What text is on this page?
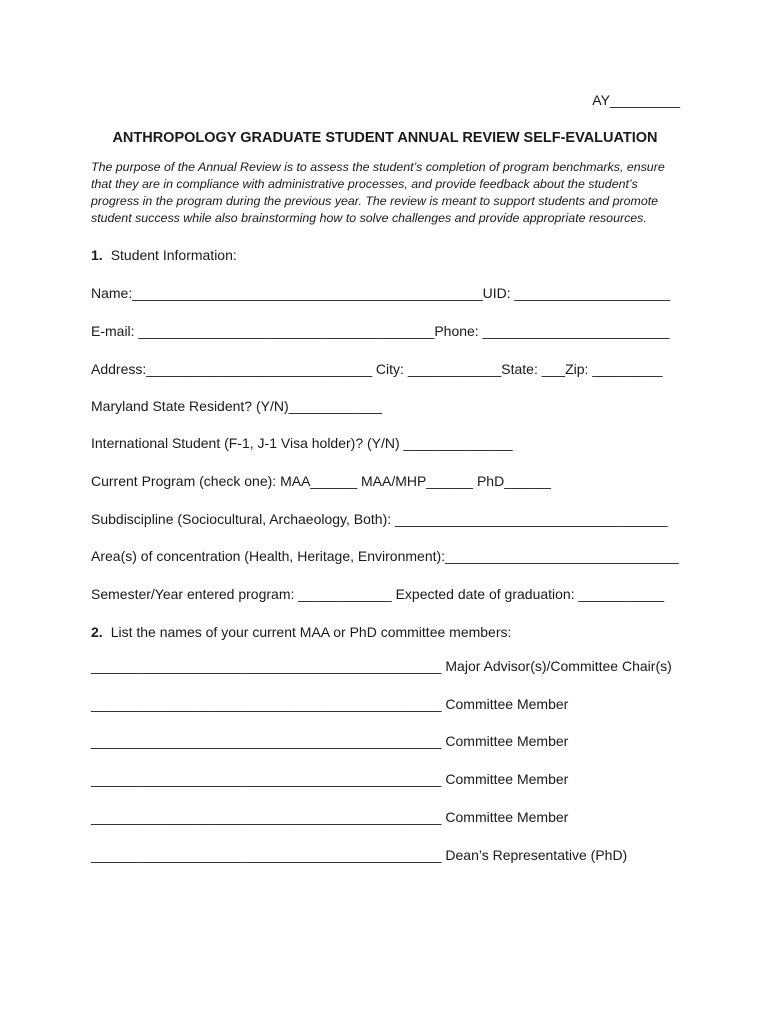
AY_________
ANTHROPOLOGY GRADUATE STUDENT ANNUAL REVIEW SELF-EVALUATION
The purpose of the Annual Review is to assess the student’s completion of program benchmarks, ensure that they are in compliance with administrative processes, and provide feedback about the student’s progress in the program during the previous year. The review is meant to support students and promote student success while also brainstorming how to solve challenges and provide appropriate resources.
1. Student Information:
Name:_____________________________________________UID: ____________________
E-mail: ______________________________________Phone: ________________________
Address:_____________________________ City: ____________State: ___Zip: _________
Maryland State Resident? (Y/N)____________
International Student (F-1, J-1 Visa holder)? (Y/N) ______________
Current Program (check one): MAA______ MAA/MHP______ PhD______
Subdiscipline (Sociocultural, Archaeology, Both): ___________________________________
Area(s) of concentration (Health, Heritage, Environment):______________________________
Semester/Year entered program: ____________ Expected date of graduation: ___________
2. List the names of your current MAA or PhD committee members:
_____________________________________________ Major Advisor(s)/Committee Chair(s)
_____________________________________________ Committee Member
_____________________________________________ Committee Member
_____________________________________________ Committee Member
_____________________________________________ Committee Member
_____________________________________________ Dean’s Representative (PhD)
